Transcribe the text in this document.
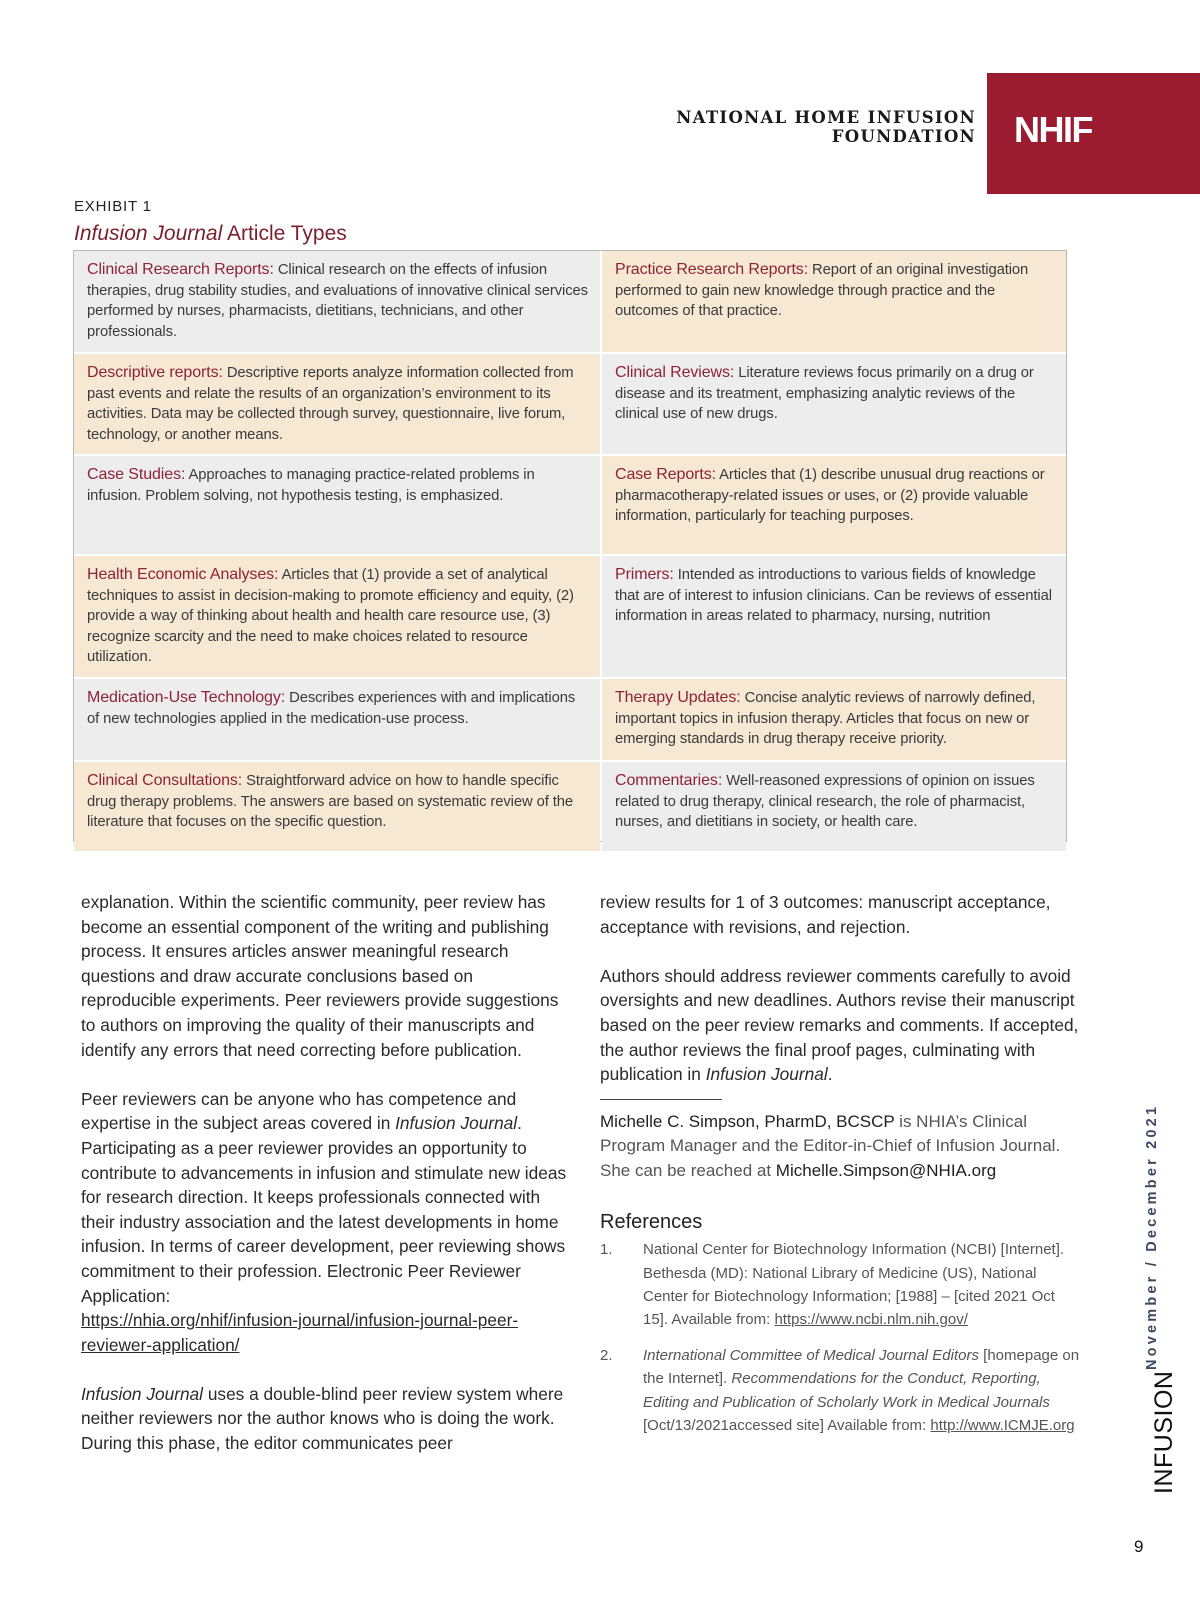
NATIONAL HOME INFUSION FOUNDATION NHIF
EXHIBIT 1
Infusion Journal Article Types
Clinical Research Reports: Clinical research on the effects of infusion therapies, drug stability studies, and evaluations of innovative clinical services performed by nurses, pharmacists, dietitians, technicians, and other professionals.
Practice Research Reports: Report of an original investigation performed to gain new knowledge through practice and the outcomes of that practice.
Descriptive reports: Descriptive reports analyze information collected from past events and relate the results of an organization’s environment to its activities. Data may be collected through survey, questionnaire, live forum, technology, or another means.
Clinical Reviews: Literature reviews focus primarily on a drug or disease and its treatment, emphasizing analytic reviews of the clinical use of new drugs.
Case Studies: Approaches to managing practice-related problems in infusion. Problem solving, not hypothesis testing, is emphasized.
Case Reports: Articles that (1) describe unusual drug reactions or pharmacotherapy-related issues or uses, or (2) provide valuable information, particularly for teaching purposes.
Health Economic Analyses: Articles that (1) provide a set of analytical techniques to assist in decision-making to promote efficiency and equity, (2) provide a way of thinking about health and health care resource use, (3) recognize scarcity and the need to make choices related to resource utilization.
Primers: Intended as introductions to various fields of knowledge that are of interest to infusion clinicians. Can be reviews of essential information in areas related to pharmacy, nursing, nutrition
Medication-Use Technology: Describes experiences with and implications of new technologies applied in the medication-use process.
Therapy Updates: Concise analytic reviews of narrowly defined, important topics in infusion therapy. Articles that focus on new or emerging standards in drug therapy receive priority.
Clinical Consultations: Straightforward advice on how to handle specific drug therapy problems. The answers are based on systematic review of the literature that focuses on the specific question.
Commentaries: Well-reasoned expressions of opinion on issues related to drug therapy, clinical research, the role of pharmacist, nurses, and dietitians in society, or health care.

explanation. Within the scientific community, peer review has become an essential component of the writing and publishing process. It ensures articles answer meaningful research questions and draw accurate conclusions based on reproducible experiments. Peer reviewers provide suggestions to authors on improving the quality of their manuscripts and identify any errors that need correcting before publication.

Peer reviewers can be anyone who has competence and expertise in the subject areas covered in Infusion Journal. Participating as a peer reviewer provides an opportunity to contribute to advancements in infusion and stimulate new ideas for research direction. It keeps professionals connected with their industry association and the latest developments in home infusion. In terms of career development, peer reviewing shows commitment to their profession. Electronic Peer Reviewer Application:
https://nhia.org/nhif/infusion-journal/infusion-journal-peer-reviewer-application/

Infusion Journal uses a double-blind peer review system where neither reviewers nor the author knows who is doing the work. During this phase, the editor communicates peer

review results for 1 of 3 outcomes: manuscript acceptance, acceptance with revisions, and rejection.

Authors should address reviewer comments carefully to avoid oversights and new deadlines. Authors revise their manuscript based on the peer review remarks and comments. If accepted, the author reviews the final proof pages, culminating with publication in Infusion Journal.

Michelle C. Simpson, PharmD, BCSCP is NHIA’s Clinical Program Manager and the Editor-in-Chief of Infusion Journal. She can be reached at Michelle.Simpson@NHIA.org
References
1.	National Center for Biotechnology Information (NCBI) [Internet]. Bethesda (MD): National Library of Medicine (US), National Center for Biotechnology Information; [1988] – [cited 2021 Oct 15]. Available from: https://www.ncbi.nlm.nih.gov/
2.	International Committee of Medical Journal Editors [homepage on the Internet]. Recommendations for the Conduct, Reporting, Editing and Publication of Scholarly Work in Medical Journals [Oct/13/2021accessed site] Available from: http://www.ICMJE.org
November / December 2021
INFUSION
9
